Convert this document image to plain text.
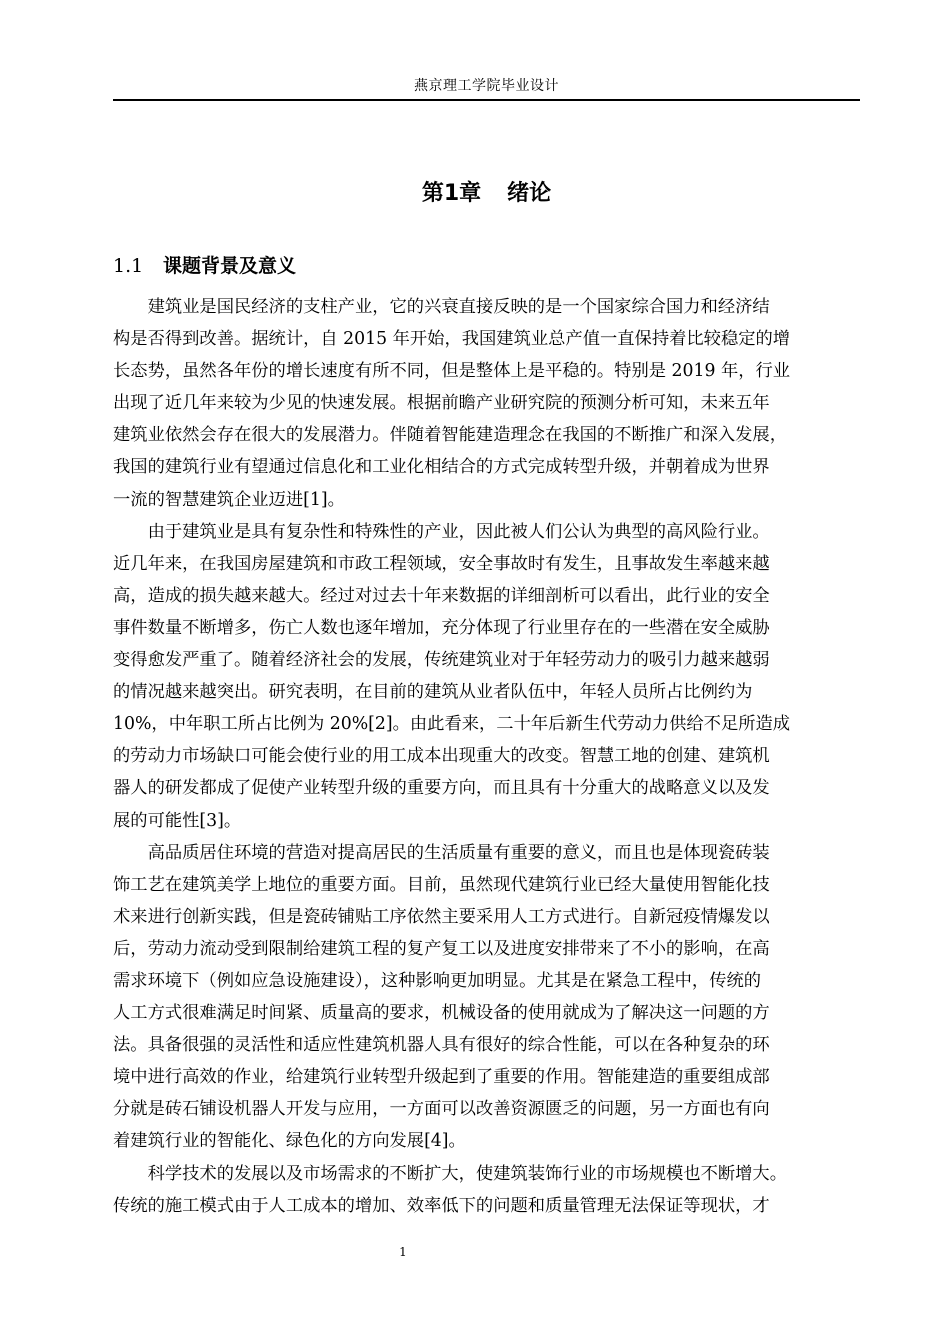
燕京理工学院毕业设计
第1章 绪论
1.1 课题背景及意义
　　建筑业是国民经济的支柱产业，它的兴衰直接反映的是一个国家综合国力和经济结
构是否得到改善。据统计，自 2015 年开始，我国建筑业总产值一直保持着比较稳定的增
长态势，虽然各年份的增长速度有所不同，但是整体上是平稳的。特别是 2019 年，行业
出现了近几年来较为少见的快速发展。根据前瞻产业研究院的预测分析可知，未来五年
建筑业依然会存在很大的发展潜力。伴随着智能建造理念在我国的不断推广和深入发展，
我国的建筑行业有望通过信息化和工业化相结合的方式完成转型升级，并朝着成为世界
一流的智慧建筑企业迈进[1]。
　　由于建筑业是具有复杂性和特殊性的产业，因此被人们公认为典型的高风险行业。
近几年来，在我国房屋建筑和市政工程领域，安全事故时有发生，且事故发生率越来越
高，造成的损失越来越大。经过对过去十年来数据的详细剖析可以看出，此行业的安全
事件数量不断增多，伤亡人数也逐年增加，充分体现了行业里存在的一些潜在安全威胁
变得愈发严重了。随着经济社会的发展，传统建筑业对于年轻劳动力的吸引力越来越弱
的情况越来越突出。研究表明，在目前的建筑从业者队伍中，年轻人员所占比例约为
10%，中年职工所占比例为 20%[2]。由此看来，二十年后新生代劳动力供给不足所造成
的劳动力市场缺口可能会使行业的用工成本出现重大的改变。智慧工地的创建、建筑机
器人的研发都成了促使产业转型升级的重要方向，而且具有十分重大的战略意义以及发
展的可能性[3]。
　　高品质居住环境的营造对提高居民的生活质量有重要的意义，而且也是体现瓷砖装
饰工艺在建筑美学上地位的重要方面。目前，虽然现代建筑行业已经大量使用智能化技
术来进行创新实践，但是瓷砖铺贴工序依然主要采用人工方式进行。自新冠疫情爆发以
后，劳动力流动受到限制给建筑工程的复产复工以及进度安排带来了不小的影响，在高
需求环境下（例如应急设施建设），这种影响更加明显。尤其是在紧急工程中，传统的
人工方式很难满足时间紧、质量高的要求，机械设备的使用就成为了解决这一问题的方
法。具备很强的灵活性和适应性建筑机器人具有很好的综合性能，可以在各种复杂的环
境中进行高效的作业，给建筑行业转型升级起到了重要的作用。智能建造的重要组成部
分就是砖石铺设机器人开发与应用，一方面可以改善资源匮乏的问题，另一方面也有向
着建筑行业的智能化、绿色化的方向发展[4]。
　　科学技术的发展以及市场需求的不断扩大，使建筑装饰行业的市场规模也不断增大。
传统的施工模式由于人工成本的增加、效率低下的问题和质量管理无法保证等现状，才
1
